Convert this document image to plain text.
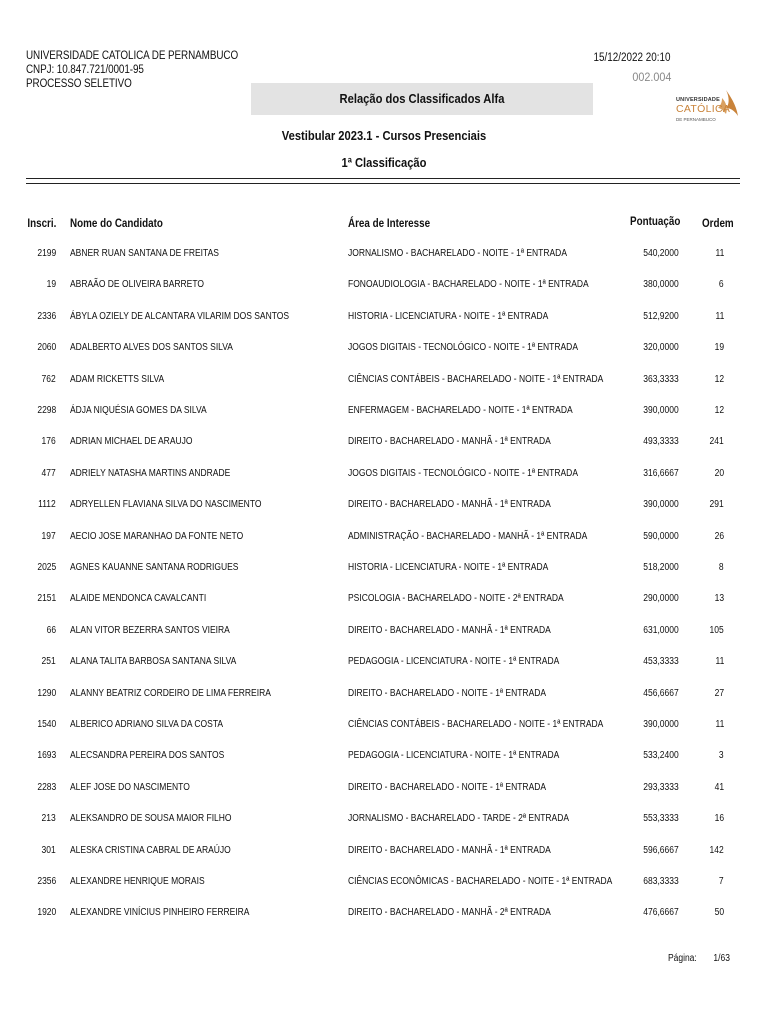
UNIVERSIDADE CATOLICA DE PERNAMBUCO
CNPJ: 10.847.721/0001-95
PROCESSO SELETIVO
15/12/2022 20:10
002.004
Relação dos Classificados Alfa	UNIVERSIDADE
CATÓLICA
DE PERNAMBUCO
Vestibular 2023.1 - Cursos Presenciais
1ª Classificação
Inscri. Nome do Candidato	Área de Interesse	Pontuação Ordem
2199 ABNER RUAN SANTANA DE FREITAS	JORNALISMO - BACHARELADO - NOITE - 1ª ENTRADA	540,2000	11
19 ABRAÃO DE OLIVEIRA BARRETO	FONOAUDIOLOGIA - BACHARELADO - NOITE - 1ª ENTRADA	380,0000	6
2336 ÁBYLA OZIELY DE ALCANTARA VILARIM DOS SANTOS	HISTORIA - LICENCIATURA - NOITE - 1ª ENTRADA	512,9200	11
2060 ADALBERTO ALVES DOS SANTOS SILVA	JOGOS DIGITAIS - TECNOLÓGICO - NOITE - 1ª ENTRADA	320,0000	19
762 ADAM RICKETTS SILVA	CIÊNCIAS CONTÁBEIS - BACHARELADO - NOITE - 1ª ENTRADA	363,3333	12
2298 ÁDJA NIQUÉSIA GOMES DA SILVA	ENFERMAGEM - BACHARELADO - NOITE - 1ª ENTRADA	390,0000	12
176 ADRIAN MICHAEL DE ARAUJO	DIREITO - BACHARELADO - MANHÃ - 1ª ENTRADA	493,3333	241
477 ADRIELY NATASHA MARTINS ANDRADE	JOGOS DIGITAIS - TECNOLÓGICO - NOITE - 1ª ENTRADA	316,6667	20
1112 ADRYELLEN FLAVIANA SILVA DO NASCIMENTO	DIREITO - BACHARELADO - MANHÃ - 1ª ENTRADA	390,0000	291
197 AECIO JOSE MARANHAO DA FONTE NETO	ADMINISTRAÇÃO - BACHARELADO - MANHÃ - 1ª ENTRADA	590,0000	26
2025 AGNES KAUANNE SANTANA RODRIGUES	HISTORIA - LICENCIATURA - NOITE - 1ª ENTRADA	518,2000	8
2151 ALAIDE MENDONCA CAVALCANTI	PSICOLOGIA - BACHARELADO - NOITE - 2ª ENTRADA	290,0000	13
66 ALAN VITOR BEZERRA SANTOS VIEIRA	DIREITO - BACHARELADO - MANHÃ - 1ª ENTRADA	631,0000	105
251 ALANA TALITA BARBOSA SANTANA SILVA	PEDAGOGIA - LICENCIATURA - NOITE - 1ª ENTRADA	453,3333	11
1290 ALANNY BEATRIZ CORDEIRO DE LIMA FERREIRA	DIREITO - BACHARELADO - NOITE - 1ª ENTRADA	456,6667	27
1540 ALBERICO ADRIANO SILVA DA COSTA	CIÊNCIAS CONTÁBEIS - BACHARELADO - NOITE - 1ª ENTRADA	390,0000	11
1693 ALECSANDRA PEREIRA DOS SANTOS	PEDAGOGIA - LICENCIATURA - NOITE - 1ª ENTRADA	533,2400	3
2283 ALEF JOSE DO NASCIMENTO	DIREITO - BACHARELADO - NOITE - 1ª ENTRADA	293,3333	41
213 ALEKSANDRO DE SOUSA MAIOR FILHO	JORNALISMO - BACHARELADO - TARDE - 2ª ENTRADA	553,3333	16
301 ALESKA CRISTINA CABRAL DE ARAÚJO	DIREITO - BACHARELADO - MANHÃ - 1ª ENTRADA	596,6667	142
2356 ALEXANDRE HENRIQUE MORAIS	CIÊNCIAS ECONÔMICAS - BACHARELADO - NOITE - 1ª ENTRADA	683,3333	7
1920 ALEXANDRE VINÍCIUS PINHEIRO FERREIRA	DIREITO - BACHARELADO - MANHÃ - 2ª ENTRADA	476,6667	50
Página: 1/63
